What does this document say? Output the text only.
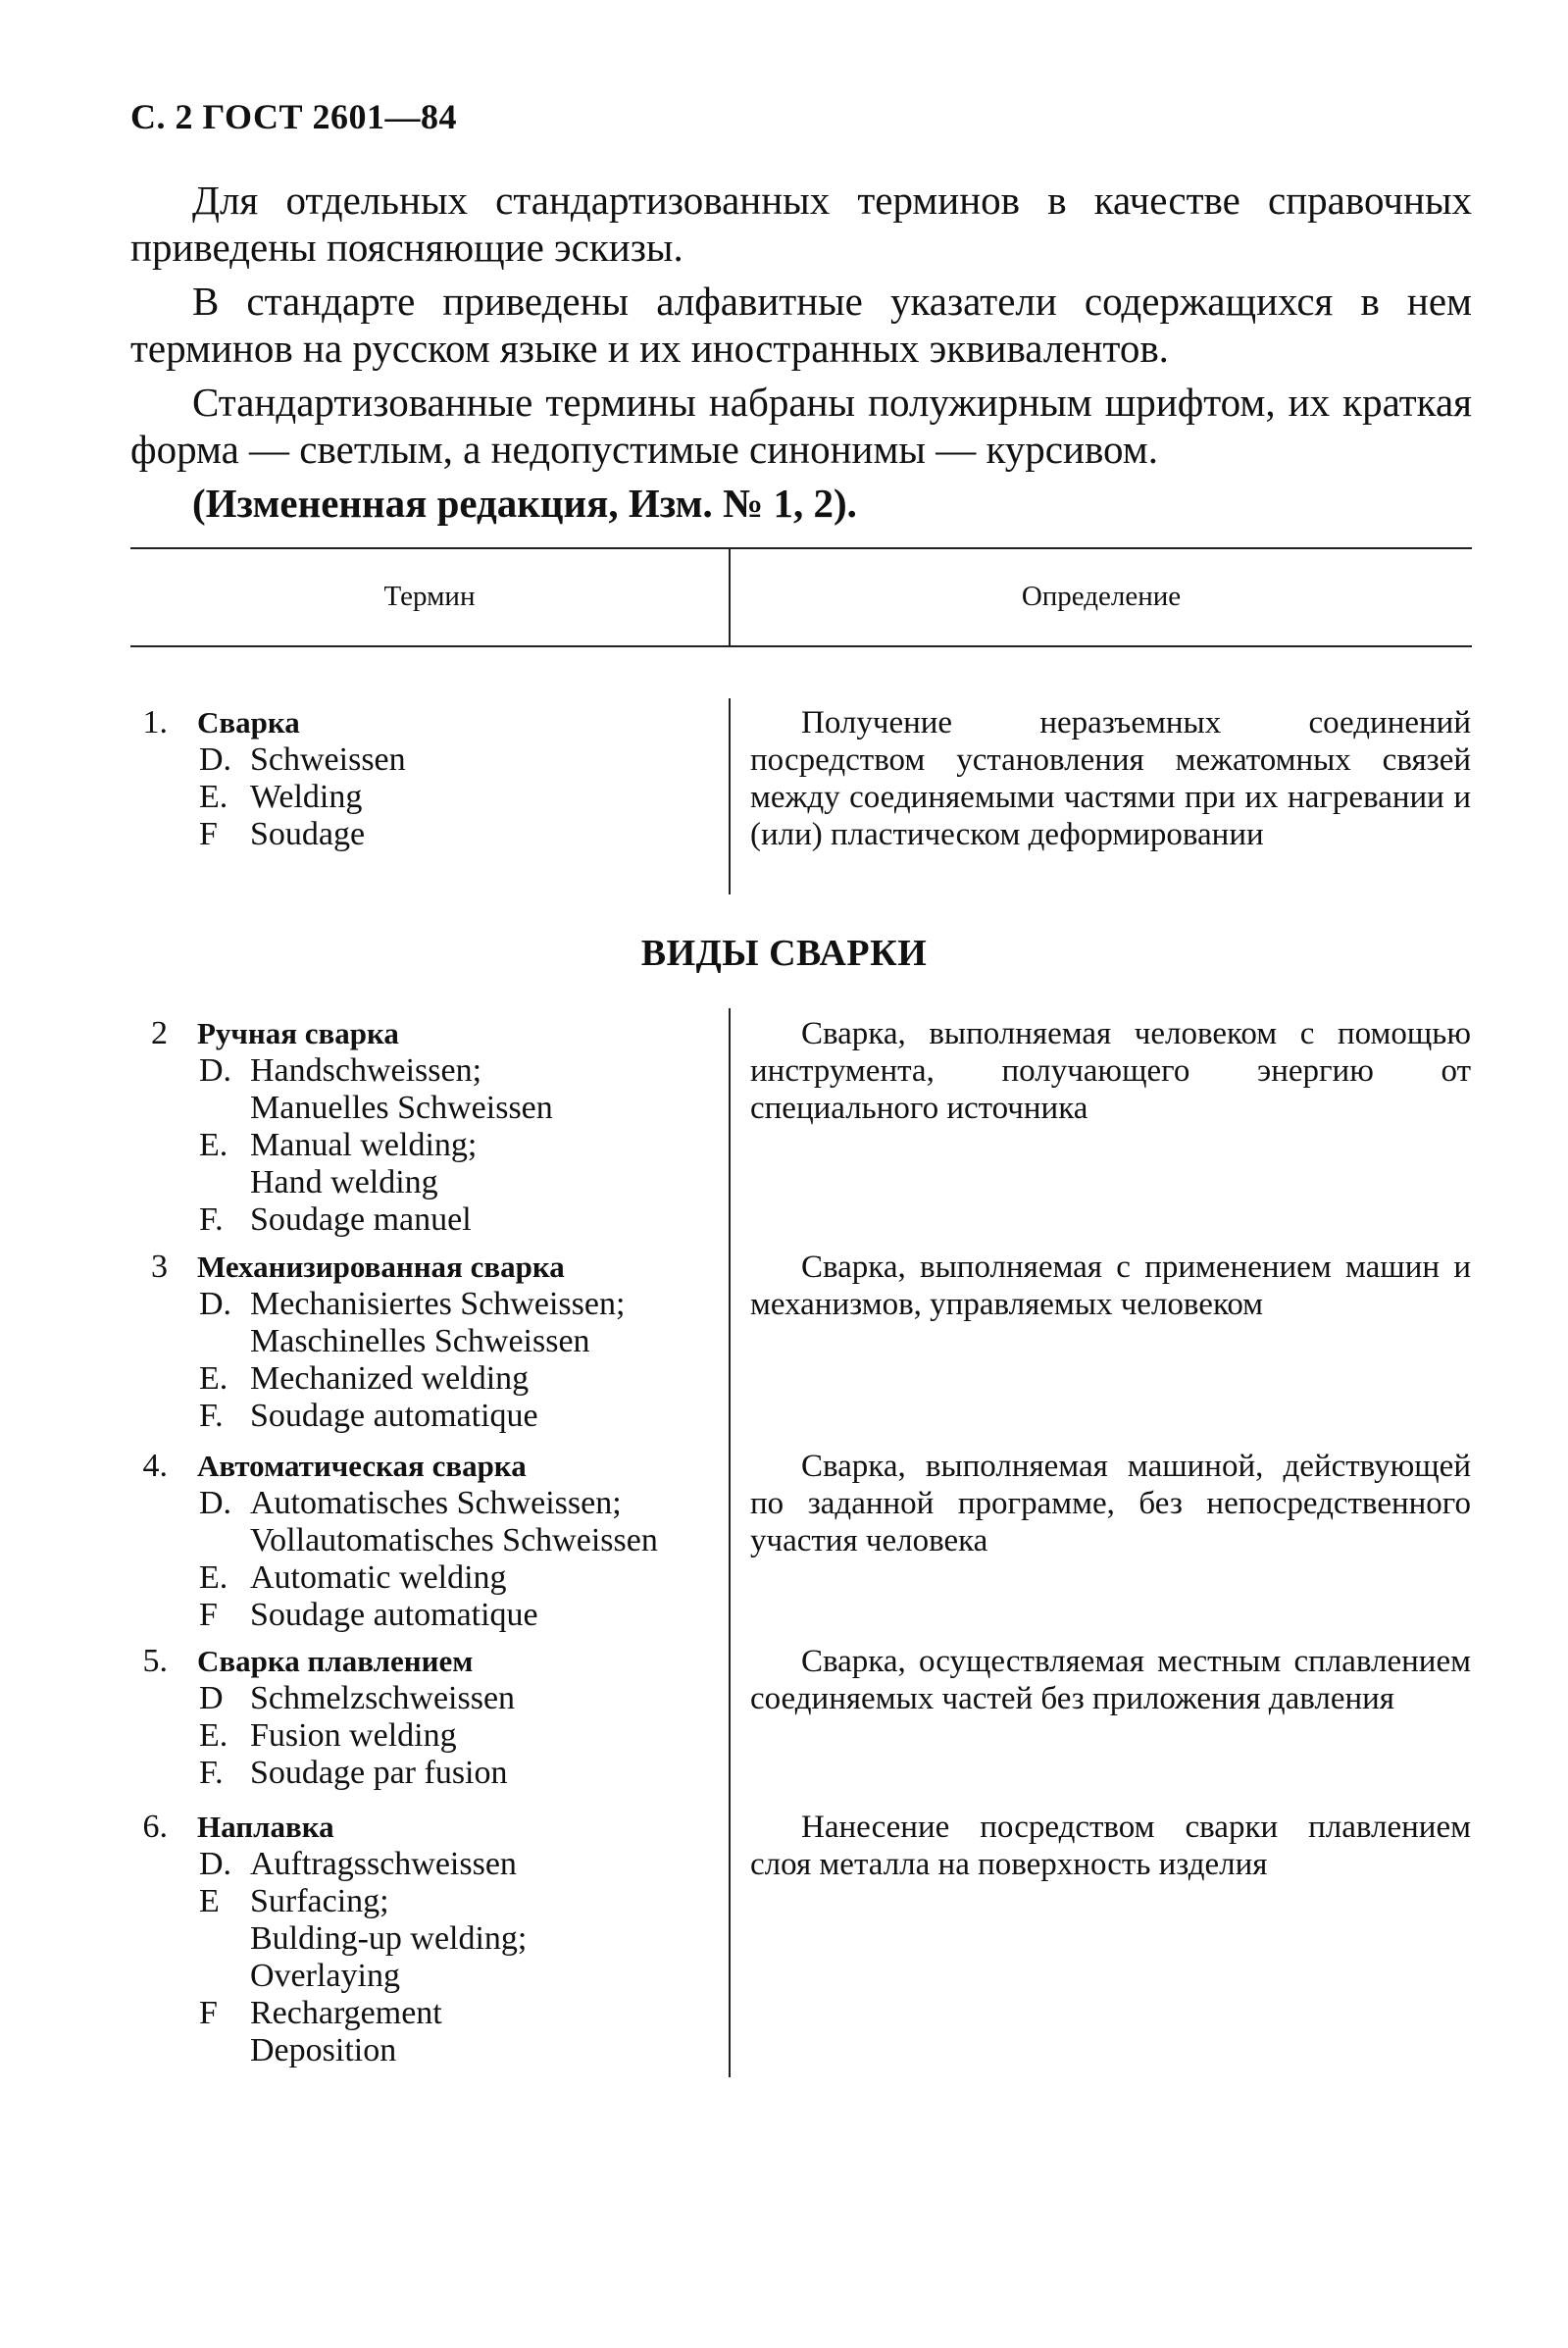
С. 2 ГОСТ 2601—84

Для отдельных стандартизованных терминов в качестве справочных приведены поясняющие эскизы.

В стандарте приведены алфавитные указатели содержащихся в нем терминов на русском языке и их иностранных эквивалентов.

Стандартизованные термины набраны полужирным шрифтом, их краткая форма — светлым, а недопустимые синонимы — курсивом.

(Измененная редакция, Изм. № 1, 2).

Термин	Определение
ВИДЫ СВАРКИ
1. Сварка
D. Schweissen
E. Welding
F Soudage

Получение неразъемных соединений посредством установления межатомных связей между соединяемыми частями при их нагревании и (или) пластическом деформировании

2 Ручная сварка
D. Handschweissen;
Manuelles Schweissen
E. Manual welding;
Hand welding
F. Soudage manuel

Сварка, выполняемая человеком с помощью инструмента, получающего энергию от специального источника

3 Механизированная сварка
D. Mechanisiertes Schweissen;
Maschinelles Schweissen
E. Mechanized welding
F. Soudage automatique

Сварка, выполняемая с применением машин и механизмов, управляемых человеком

4. Автоматическая сварка
D. Automatisches Schweissen;
Vollautomatisches Schweissen
E. Automatic welding
F Soudage automatique

Сварка, выполняемая машиной, действующей по заданной программе, без непосредственного участия человека

5. Сварка плавлением
D Schmelzschweissen
E. Fusion welding
F. Soudage par fusion

Сварка, осуществляемая местным сплавлением соединяемых частей без приложения давления

6. Наплавка
D. Auftragsschweissen
E Surfacing;
Bulding-up welding;
Overlaying
F Rechargement
Deposition

Нанесение посредством сварки плавлением слоя металла на поверхность изделия
